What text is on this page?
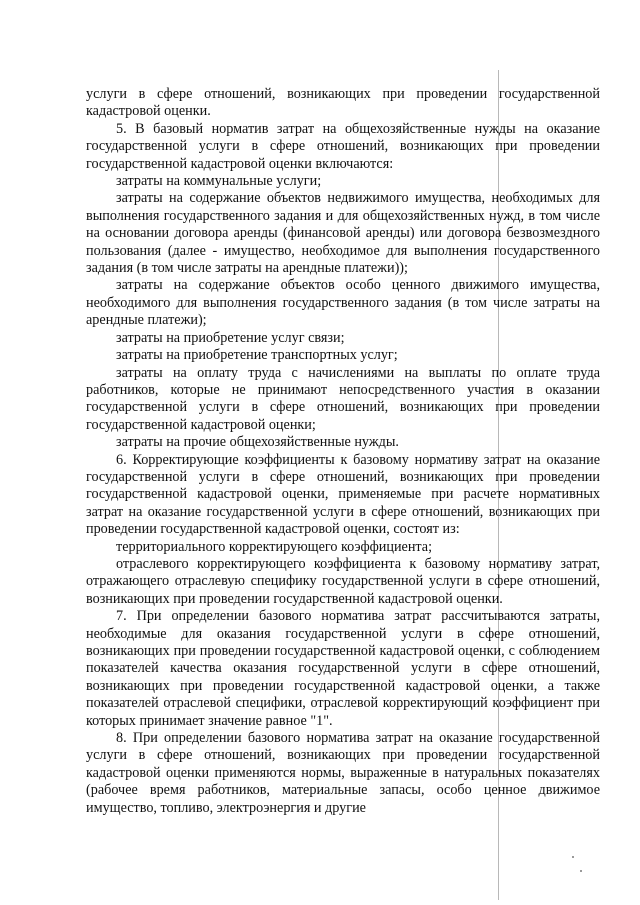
услуги в сфере отношений, возникающих при проведении государственной кадастровой оценки.

5. В базовый норматив затрат на общехозяйственные нужды на оказание государственной услуги в сфере отношений, возникающих при проведении государственной кадастровой оценки включаются:

затраты на коммунальные услуги;

затраты на содержание объектов недвижимого имущества, необходимых для выполнения государственного задания и для общехозяйственных нужд, в том числе на основании договора аренды (финансовой аренды) или договора безвозмездного пользования (далее - имущество, необходимое для выполнения государственного задания (в том числе затраты на арендные платежи));

затраты на содержание объектов особо ценного движимого имущества, необходимого для выполнения государственного задания (в том числе затраты на арендные платежи);

затраты на приобретение услуг связи;

затраты на приобретение транспортных услуг;

затраты на оплату труда с начислениями на выплаты по оплате труда работников, которые не принимают непосредственного участия в оказании государственной услуги в сфере отношений, возникающих при проведении государственной кадастровой оценки;

затраты на прочие общехозяйственные нужды.

6. Корректирующие коэффициенты к базовому нормативу затрат на оказание государственной услуги в сфере отношений, возникающих при проведении государственной кадастровой оценки, применяемые при расчете нормативных затрат на оказание государственной услуги в сфере отношений, возникающих при проведении государственной кадастровой оценки, состоят из:

территориального корректирующего коэффициента;

отраслевого корректирующего коэффициента к базовому нормативу затрат, отражающего отраслевую специфику государственной услуги в сфере отношений, возникающих при проведении государственной кадастровой оценки.

7. При определении базового норматива затрат рассчитываются затраты, необходимые для оказания государственной услуги в сфере отношений, возникающих при проведении государственной кадастровой оценки, с соблюдением показателей качества оказания государственной услуги в сфере отношений, возникающих при проведении государственной кадастровой оценки, а также показателей отраслевой специфики, отраслевой корректирующий коэффициент при которых принимает значение равное "1".

8. При определении базового норматива затрат на оказание государственной услуги в сфере отношений, возникающих при проведении государственной кадастровой оценки применяются нормы, выраженные в натуральных показателях (рабочее время работников, материальные запасы, особо ценное движимое имущество, топливо, электроэнергия и другие
